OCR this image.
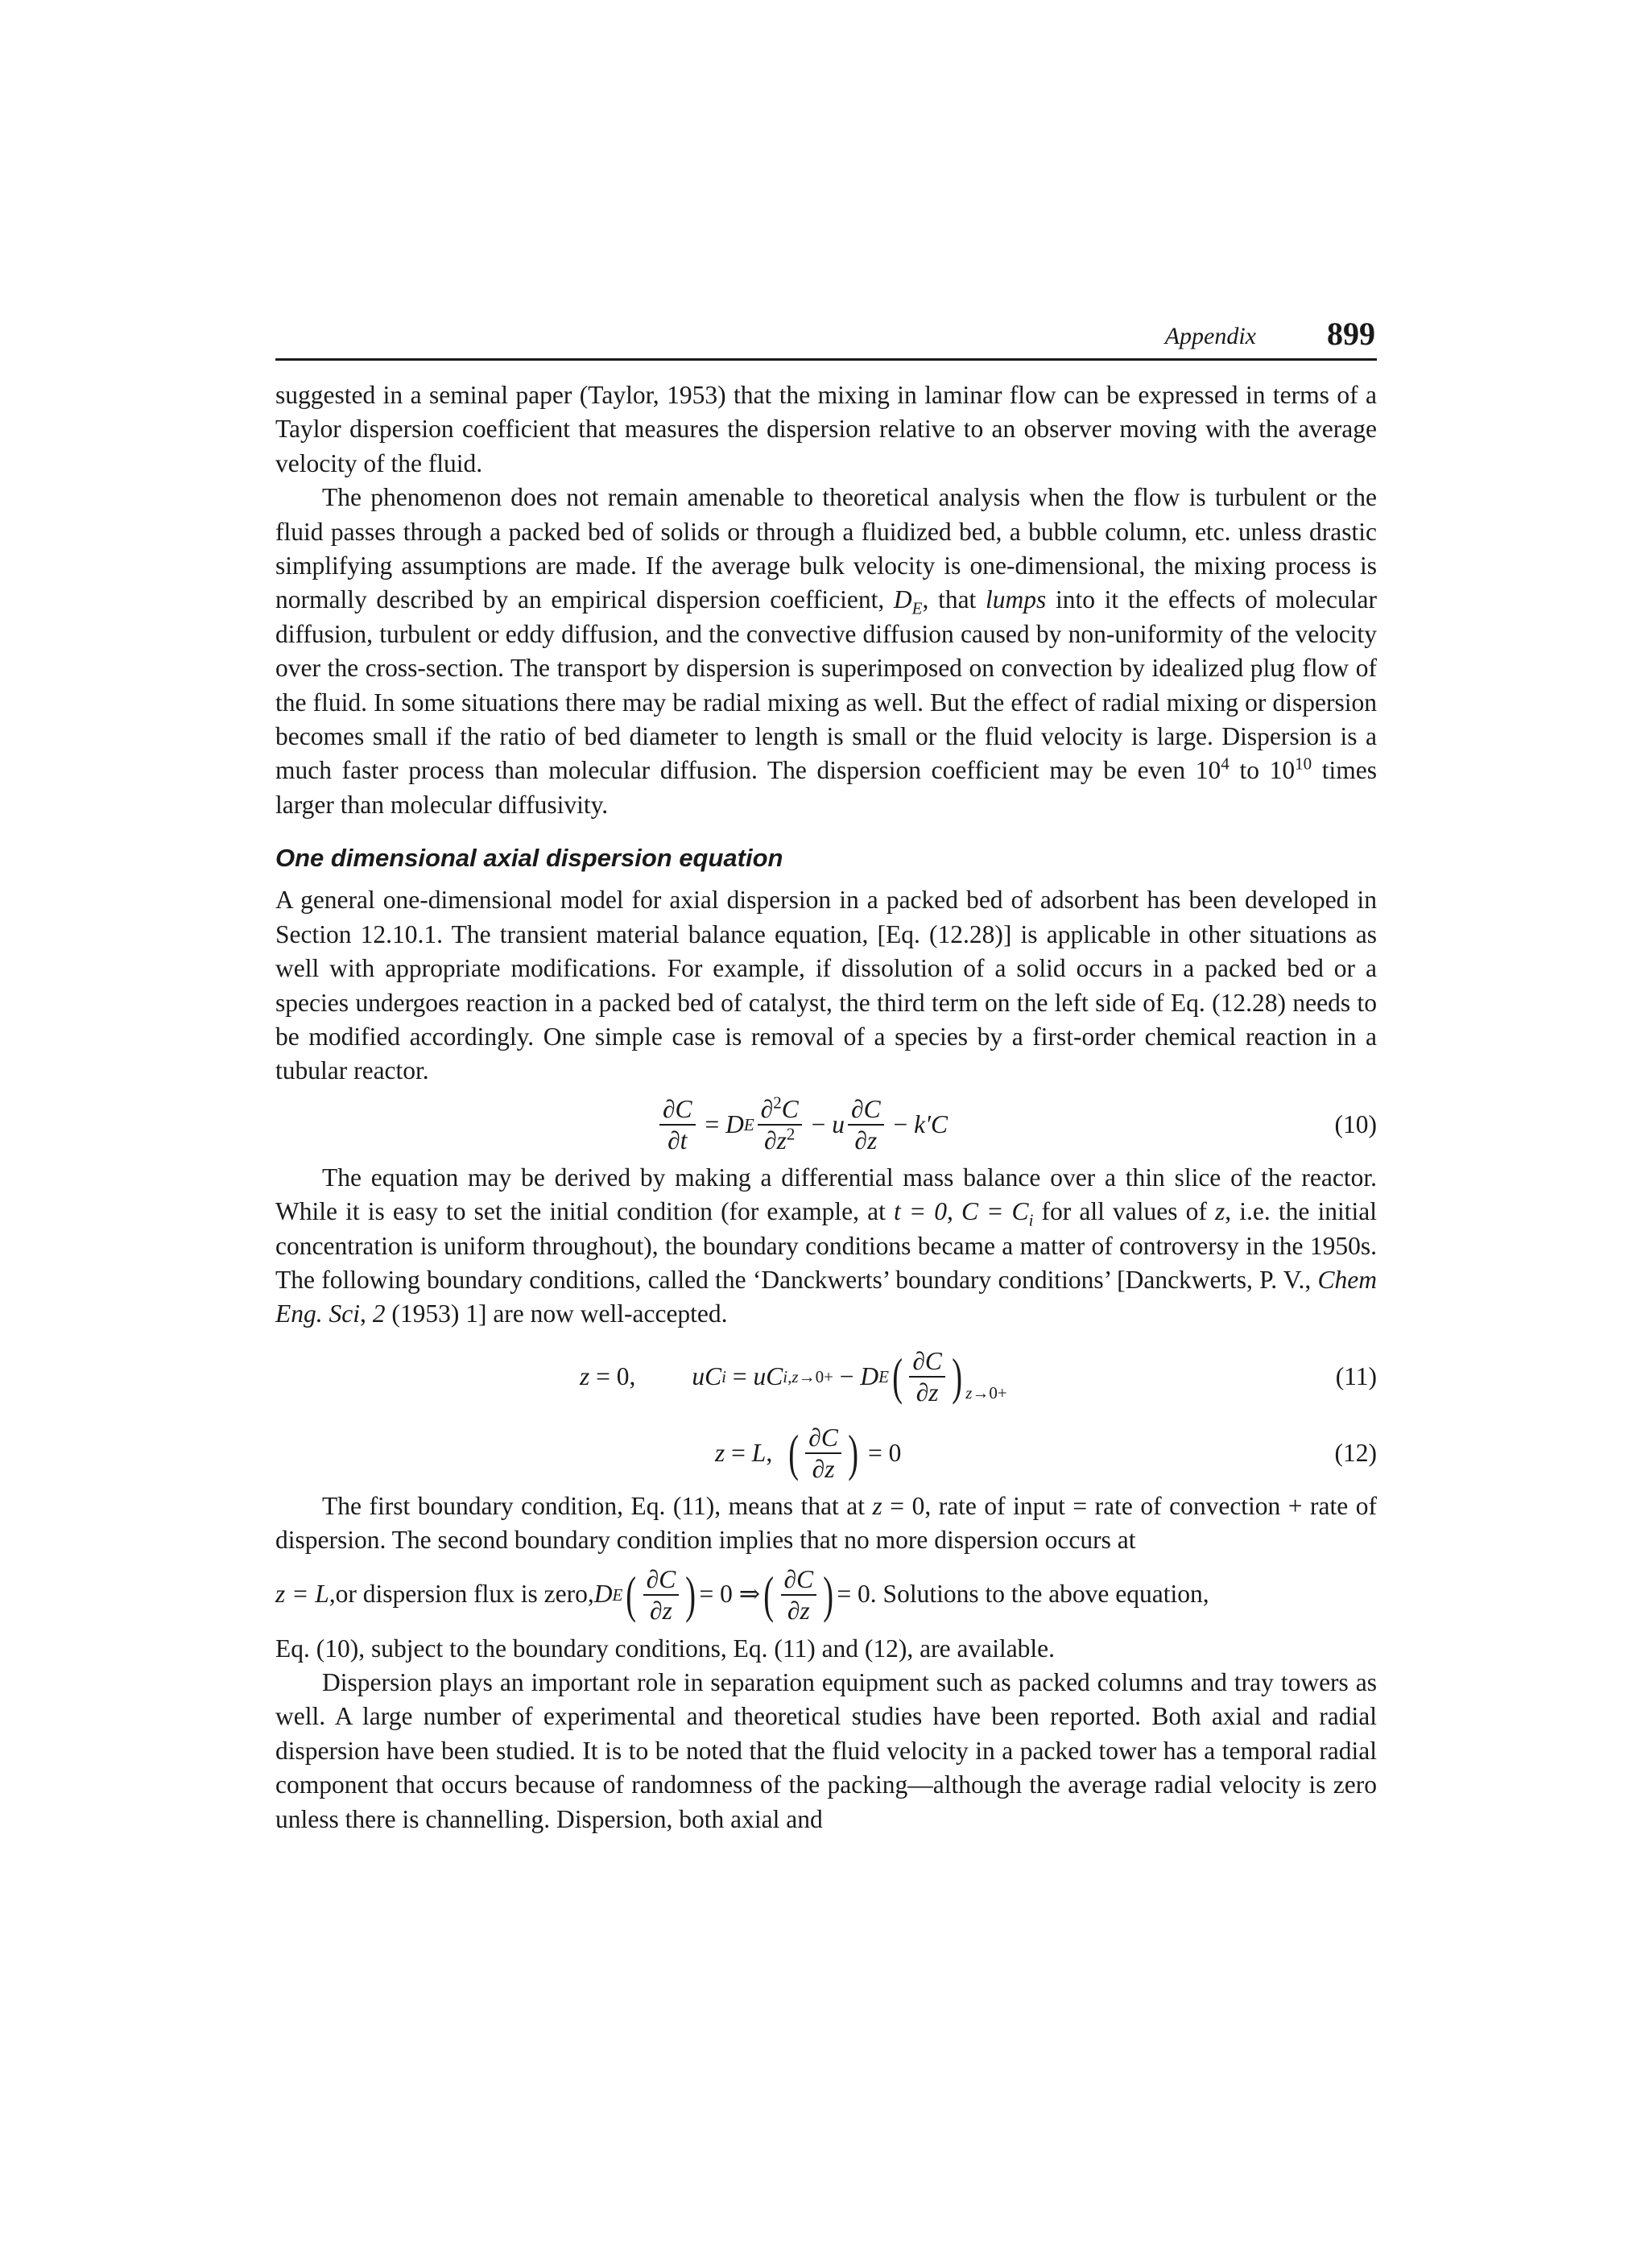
Appendix 899

suggested in a seminal paper (Taylor, 1953) that the mixing in laminar flow can be expressed in terms of a Taylor dispersion coefficient that measures the dispersion relative to an observer moving with the average velocity of the fluid.

The phenomenon does not remain amenable to theoretical analysis when the flow is turbulent or the fluid passes through a packed bed of solids or through a fluidized bed, a bubble column, etc. unless drastic simplifying assumptions are made. If the average bulk velocity is one-dimensional, the mixing process is normally described by an empirical dispersion coefficient, $D_E$, that lumps into it the effects of molecular diffusion, turbulent or eddy diffusion, and the convective diffusion caused by non-uniformity of the velocity over the cross-section. The transport by dispersion is superimposed on convection by idealized plug flow of the fluid. In some situations there may be radial mixing as well. But the effect of radial mixing or dispersion becomes small if the ratio of bed diameter to length is small or the fluid velocity is large. Dispersion is a much faster process than molecular diffusion. The dispersion coefficient may be even $10^4$ to $10^{10}$ times larger than molecular diffusivity.

One dimensional axial dispersion equation

A general one-dimensional model for axial dispersion in a packed bed of adsorbent has been developed in Section 12.10.1. The transient material balance equation, [Eq. (12.28)] is applicable in other situations as well with appropriate modifications. For example, if dissolution of a solid occurs in a packed bed or a species undergoes reaction in a packed bed of catalyst, the third term on the left side of Eq. (12.28) needs to be modified accordingly. One simple case is removal of a species by a first-order chemical reaction in a tubular reactor.

$\frac{\partial C}{\partial t} = D$ E $\frac{\partial^2C}{\partial z^2} - u \frac{\partial C}{\partial z} - k'C$	(10)

The equation may be derived by making a differential mass balance over a thin slice of the reactor. While it is easy to set the initial condition (for example, at t = 0, $C = C_i$ for all values of z, i.e. the initial concentration is uniform throughout), the boundary conditions became a matter of controversy in the 1950s. The following boundary conditions, called the ‘Danckwerts’ boundary conditions’ [Danckwerts, P. V., Chem Eng. Sci, 2 (1953) 1] are now well-accepted.

z = 0, uC i = uC i,z→0+ − D E ( $\frac{\partial C}{\partial z}$ ) $_{z\to 0+}$
(11)
z = L , ( $\frac{\partial C}{\partial z}$ ) = 0	(12)

The first boundary condition, Eq. (11), means that at z = 0, rate of input = rate of convection + rate of dispersion. The second boundary condition implies that no more dispersion occurs at

z = L, or dispersion flux is zero, D E ( $\frac{\partial C}{\partial z}$ ) = 0 ⇒ ( $\frac{\partial C}{\partial z}$ ) = 0. Solutions to the above equation,

Eq. (10), subject to the boundary conditions, Eq. (11) and (12), are available.

Dispersion plays an important role in separation equipment such as packed columns and tray towers as well. A large number of experimental and theoretical studies have been reported. Both axial and radial dispersion have been studied. It is to be noted that the fluid velocity in a packed tower has a temporal radial component that occurs because of randomness of the packing—although the average radial velocity is zero unless there is channelling. Dispersion, both axial and
